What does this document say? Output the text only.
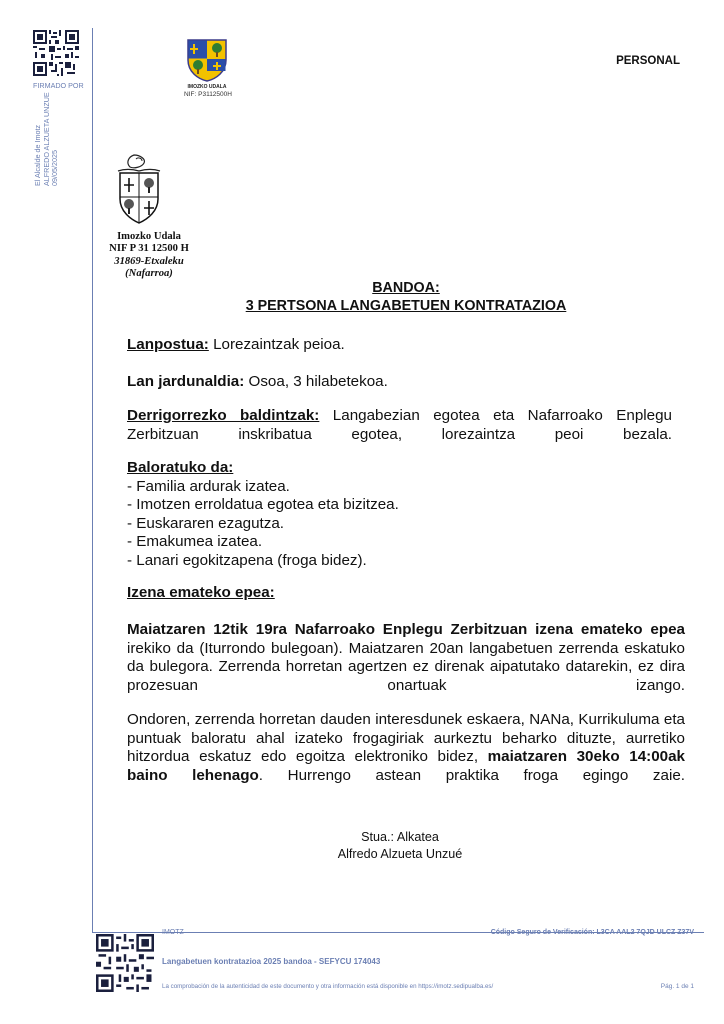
FIRMADO POR
El Alcalde de Imotz ALFREDO ALZUETA UNZUE 09/05/2025
IMOZKO UDALA
NIF: P3112500H
PERSONAL
Imozko Udala
NIF P 31 12500 H
31869-Etxaleku
(Nafarroa)
BANDOA:
3 PERTSONA LANGABETUEN KONTRATAZIOA
Lanpostua: Lorezaintzak peioa.
Lan jardunaldia: Osoa, 3 hilabetekoa.
Derrigorrezko baldintzak: Langabezian egotea eta Nafarroako Enplegu Zerbitzuan inskribatua egotea, lorezaintza peoi bezala.
Baloratuko da:
- Familia ardurak izatea.
- Imotzen erroldatua egotea eta bizitzea.
- Euskararen ezagutza.
- Emakumea izatea.
- Lanari egokitzapena (froga bidez).
Izena emateko epea:
Maiatzaren 12tik 19ra Nafarroako Enplegu Zerbitzuan izena emateko epea irekiko da (Iturrondo bulegoan). Maiatzaren 20an langabetuen zerrenda eskatuko da bulegora. Zerrenda horretan agertzen ez direnak aipatutako datarekin, ez dira prozesuan onartuak izango.
Ondoren, zerrenda horretan dauden interesdunek eskaera, NANa, Kurrikuluma eta puntuak baloratu ahal izateko frogagiriak aurkeztu beharko dituzte, aurretiko hitzordua eskatuz edo egoitza elektroniko bidez, maiatzaren 30eko 14:00ak baino lehenago. Hurrengo astean praktika froga egingo zaie.
Stua.: Alkatea
Alfredo Alzueta Unzué
IMOTZ	Código Seguro de Verificación: L3CA AAL2 7QJD ULCZ Z37V
Langabetuen kontratazioa 2025 bandoa - SEFYCU 174043
La comprobación de la autenticidad de este documento y otra información está disponible en https://imotz.sedipualba.es/	Pág. 1 de 1
